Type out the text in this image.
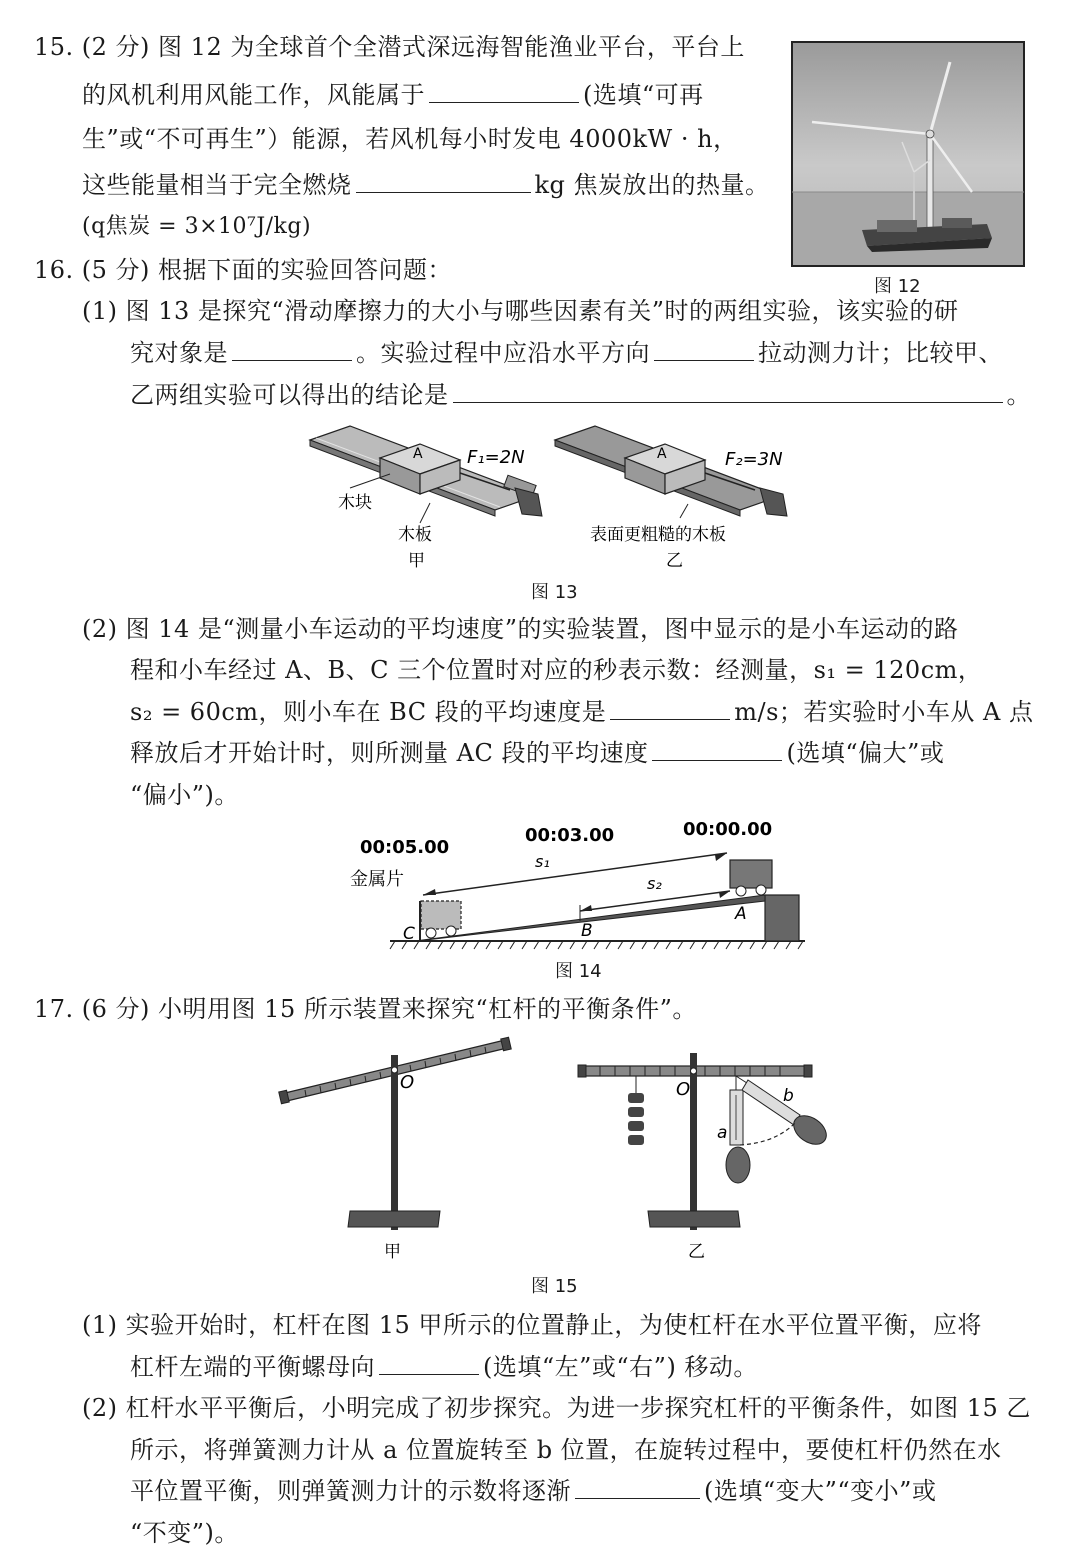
15. (2 分) 图 12 为全球首个全潜式深远海智能渔业平台，平台上
的风机利用风能工作，风能属于	(选填“可再
生”或“不可再生”）能源，若风机每小时发电 4000kW · h，
这些能量相当于完全燃烧	kg 焦炭放出的热量。
(q焦炭 = 3×10⁷J/kg)
图 12
16. (5 分) 根据下面的实验回答问题：
(1) 图 13 是探究“滑动摩擦力的大小与哪些因素有关”时的两组实验，该实验的研
究对象是	。实验过程中应沿水平方向	拉动测力计；比较甲、
乙两组实验可以得出的结论是	。
A F₁=2N
木块
木板
甲
A	F₂=3N
表面更粗糙的木板
乙
图 13
(2) 图 14 是“测量小车运动的平均速度”的实验装置，图中显示的是小车运动的路
程和小车经过 A、B、C 三个位置时对应的秒表示数：经测量，s₁ = 120cm，
s₂ = 60cm，则小车在 BC 段的平均速度是	m/s；若实验时小车从 A 点
释放后才开始计时，则所测量 AC 段的平均速度	(选填“偏大”或
“偏小”)。
00:05.00
00:03.00	00:00.00
金属片
s₁
s₂
C	B
A
图 14
17. (6 分) 小明用图 15 所示装置来探究“杠杆的平衡条件”。
O	O
a
b
甲	乙
图 15
(1) 实验开始时，杠杆在图 15 甲所示的位置静止，为使杠杆在水平位置平衡，应将
杠杆左端的平衡螺母向	(选填“左”或“右”) 移动。
(2) 杠杆水平平衡后，小明完成了初步探究。为进一步探究杠杆的平衡条件，如图 15 乙
所示，将弹簧测力计从 a 位置旋转至 b 位置，在旋转过程中，要使杠杆仍然在水
平位置平衡，则弹簧测力计的示数将逐渐	(选填“变大”“变小”或
“不变”)。
